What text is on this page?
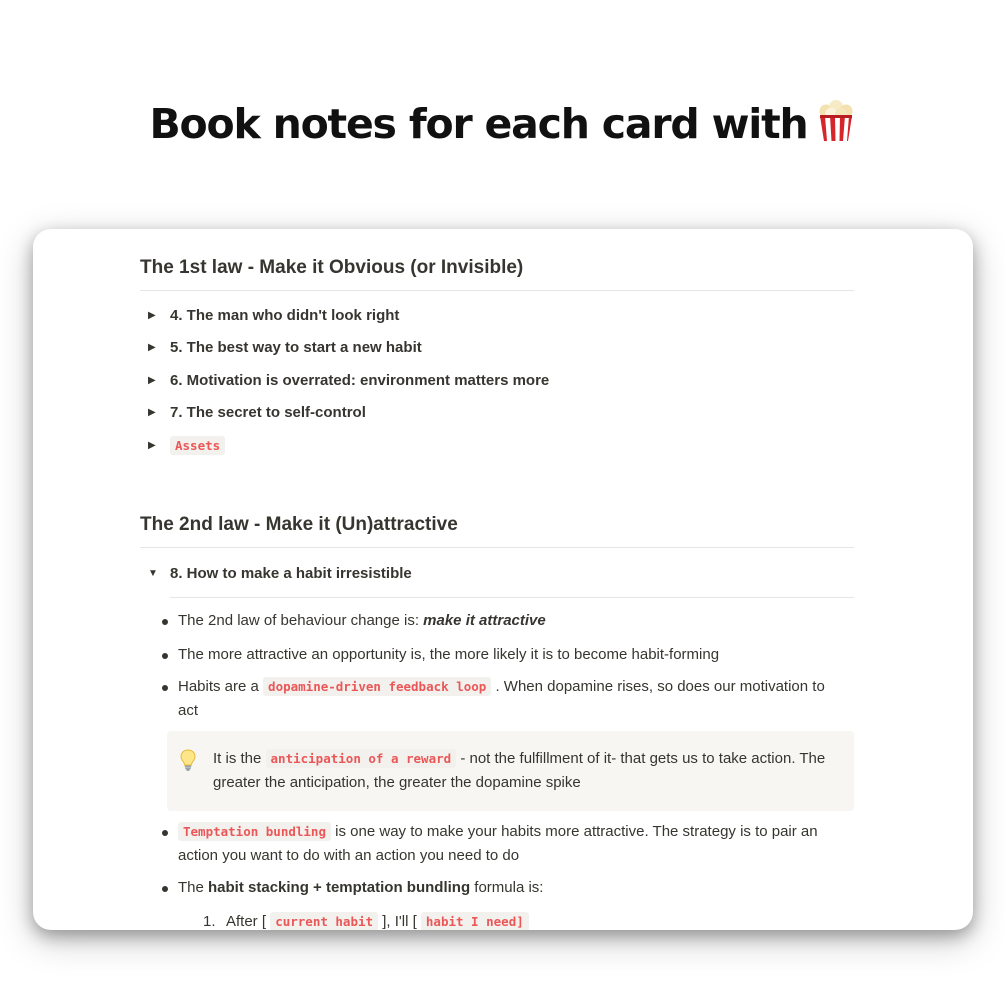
Book notes for each card with
The 1st law - Make it Obvious (or Invisible)
▶ 4. The man who didn't look right
▶ 5. The best way to start a new habit
▶ 6. Motivation is overrated: environment matters more
▶ 7. The secret to self-control
▶	Assets
The 2nd law - Make it (Un)attractive
▼ 8. How to make a habit irresistible
The 2nd law of behaviour change is: make it attractive
The more attractive an opportunity is, the more likely it is to become habit-forming
Habits are a dopamine-driven feedback loop . When dopamine rises, so does our motivation to act
It is the anticipation of a reward - not the fulfillment of it- that gets us to take action. The greater the anticipation, the greater the dopamine spike
Temptation bundling is one way to make your habits more attractive. The strategy is to pair an action you want to do with an action you need to do
The habit stacking + temptation bundling formula is:
1. After [ current habit ], I'll [ habit I need]
